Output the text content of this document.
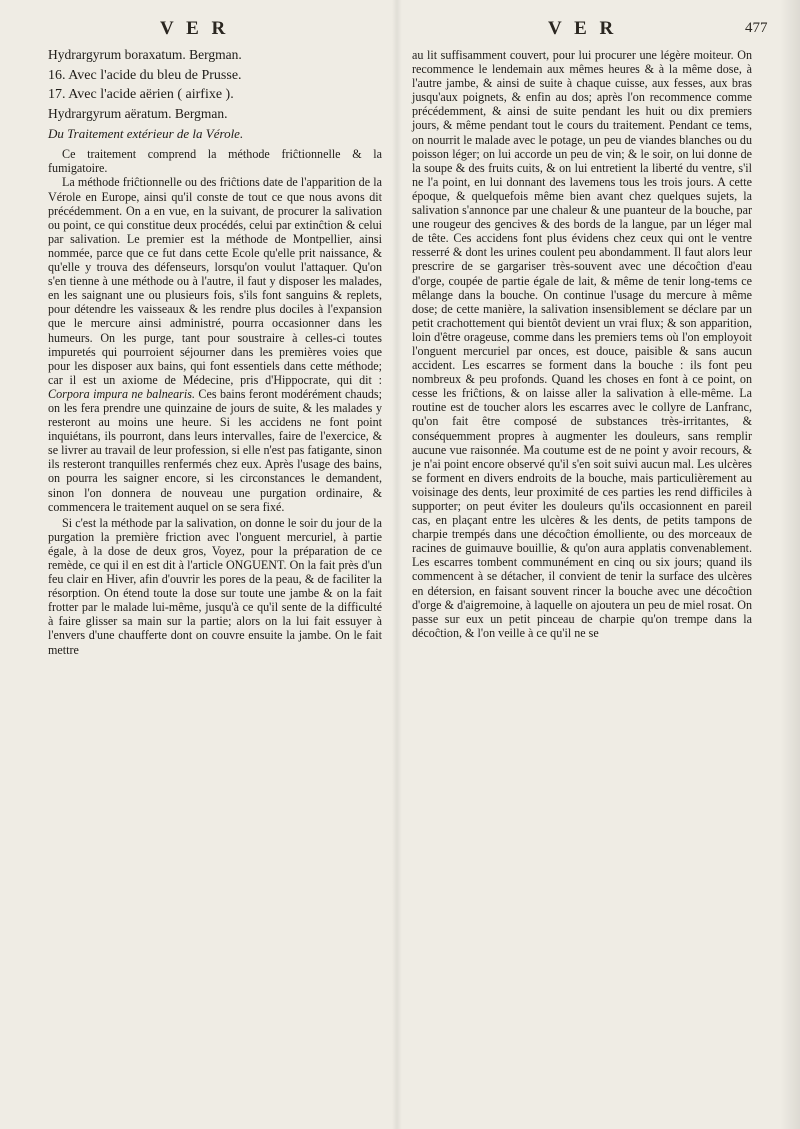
V E R	V E R	477

Hydrargyrum boraxatum. Bergman.

16. Avec l'acide du bleu de Prusse.

17. Avec l'acide aërien ( airfixe ).

Hydrargyrum aëratum. Bergman.

Du Traitement extérieur de la Vérole.

Ce traitement comprend la méthode friĉtionnelle & la fumigatoire.

La méthode friĉtionnelle ou des friĉtions date de l'apparition de la Vérole en Europe, ainsi qu'il conste de tout ce que nous avons dit précédemment. On a en vue, en la suivant, de procurer la salivation ou point, ce qui constitue deux procédés, celui par extinĉtion & celui par salivation. Le premier est la méthode de Montpellier, ainsi nommée, parce que ce fut dans cette Ecole qu'elle prit naissance, & qu'elle y trouva des défenseurs, lorsqu'on voulut l'attaquer. Qu'on s'en tienne à une méthode ou à l'autre, il faut y disposer les malades, en les saignant une ou plusieurs fois, s'ils font sanguins & replets, pour détendre les vaisseaux & les rendre plus dociles à l'expansion que le mercure ainsi administré, pourra occasionner dans les humeurs. On les purge, tant pour soustraire à celles-ci toutes impuretés qui pourroient séjourner dans les premières voies que pour les disposer aux bains, qui font essentiels dans cette méthode; car il est un axiome de Médecine, pris d'Hippocrate, qui dit : Corpora impura ne balnearis. Ces bains feront modérément chauds; on les fera prendre une quinzaine de jours de suite, & les malades y resteront au moins une heure. Si les accidens ne font point inquiétans, ils pourront, dans leurs intervalles, faire de l'exercice, & se livrer au travail de leur profession, si elle n'est pas fatigante, sinon ils resteront tranquilles renfermés chez eux. Après l'usage des bains, on pourra les saigner encore, si les circonstances le demandent, sinon l'on donnera de nouveau une purgation ordinaire, & commencera le traitement auquel on se sera fixé.

Si c'est la méthode par la salivation, on donne le soir du jour de la purgation la première friction avec l'onguent mercuriel, à partie égale, à la dose de deux gros, Voyez, pour la préparation de ce remède, ce qui il en est dit à l'article ONGUENT. On la fait près d'un feu clair en Hiver, afin d'ouvrir les pores de la peau, & de faciliter la résorption. On étend toute la dose sur toute une jambe & on la fait frotter par le malade lui-même, jusqu'à ce qu'il sente de la difficulté à faire glisser sa main sur la partie; alors on la lui fait essuyer à l'envers d'une chaufferte dont on couvre ensuite la jambe. On le fait mettre

au lit suffisamment couvert, pour lui procurer une légère moiteur. On recommence le lendemain aux mêmes heures & à la même dose, à l'autre jambe, & ainsi de suite à chaque cuisse, aux fesses, aux bras jusqu'aux poignets, & enfin au dos; après l'on recommence comme précédemment, & ainsi de suite pendant les huit ou dix premiers jours, & même pendant tout le cours du traitement. Pendant ce tems, on nourrit le malade avec le potage, un peu de viandes blanches ou du poisson léger; on lui accorde un peu de vin; & le soir, on lui donne de la soupe & des fruits cuits, & on lui entretient la liberté du ventre, s'il ne l'a point, en lui donnant des lavemens tous les trois jours. A cette époque, & quelquefois même bien avant chez quelques sujets, la salivation s'annonce par une chaleur & une puanteur de la bouche, par une rougeur des gencives & des bords de la langue, par un léger mal de tête. Ces accidens font plus évidens chez ceux qui ont le ventre resserré & dont les urines coulent peu abondamment. Il faut alors leur prescrire de se gargariser très-souvent avec une décoĉtion d'eau d'orge, coupée de partie égale de lait, & même de tenir long-tems ce mêlange dans la bouche. On continue l'usage du mercure à même dose; de cette manière, la salivation insensiblement se déclare par un petit crachottement qui bientôt devient un vrai flux; & son apparition, loin d'être orageuse, comme dans les premiers tems où l'on employoit l'onguent mercuriel par onces, est douce, paisible & sans aucun accident. Les escarres se forment dans la bouche : ils font peu nombreux & peu profonds. Quand les choses en font à ce point, on cesse les friĉtions, & on laisse aller la salivation à elle-même. La routine est de toucher alors les escarres avec le collyre de Lanfranc, qu'on fait être composé de substances très-irritantes, & conséquemment propres à augmenter les douleurs, sans remplir aucune vue raisonnée. Ma coutume est de ne point y avoir recours, & je n'ai point encore observé qu'il s'en soit suivi aucun mal. Les ulcères se forment en divers endroits de la bouche, mais particulièrement au voisinage des dents, leur proximité de ces parties les rend difficiles à supporter; on peut éviter les douleurs qu'ils occasionnent en pareil cas, en plaçant entre les ulcères & les dents, de petits tampons de charpie trempés dans une décoĉtion émolliente, ou des morceaux de racines de guimauve bouillie, & qu'on aura applatis convenablement. Les escarres tombent communément en cinq ou six jours; quand ils commencent à se détacher, il convient de tenir la surface des ulcères en détersion, en faisant souvent rincer la bouche avec une décoĉtion d'orge & d'aigremoine, à laquelle on ajoutera un peu de miel rosat. On passe sur eux un petit pinceau de charpie qu'on trempe dans la décoĉtion, & l'on veille à ce qu'il ne se
